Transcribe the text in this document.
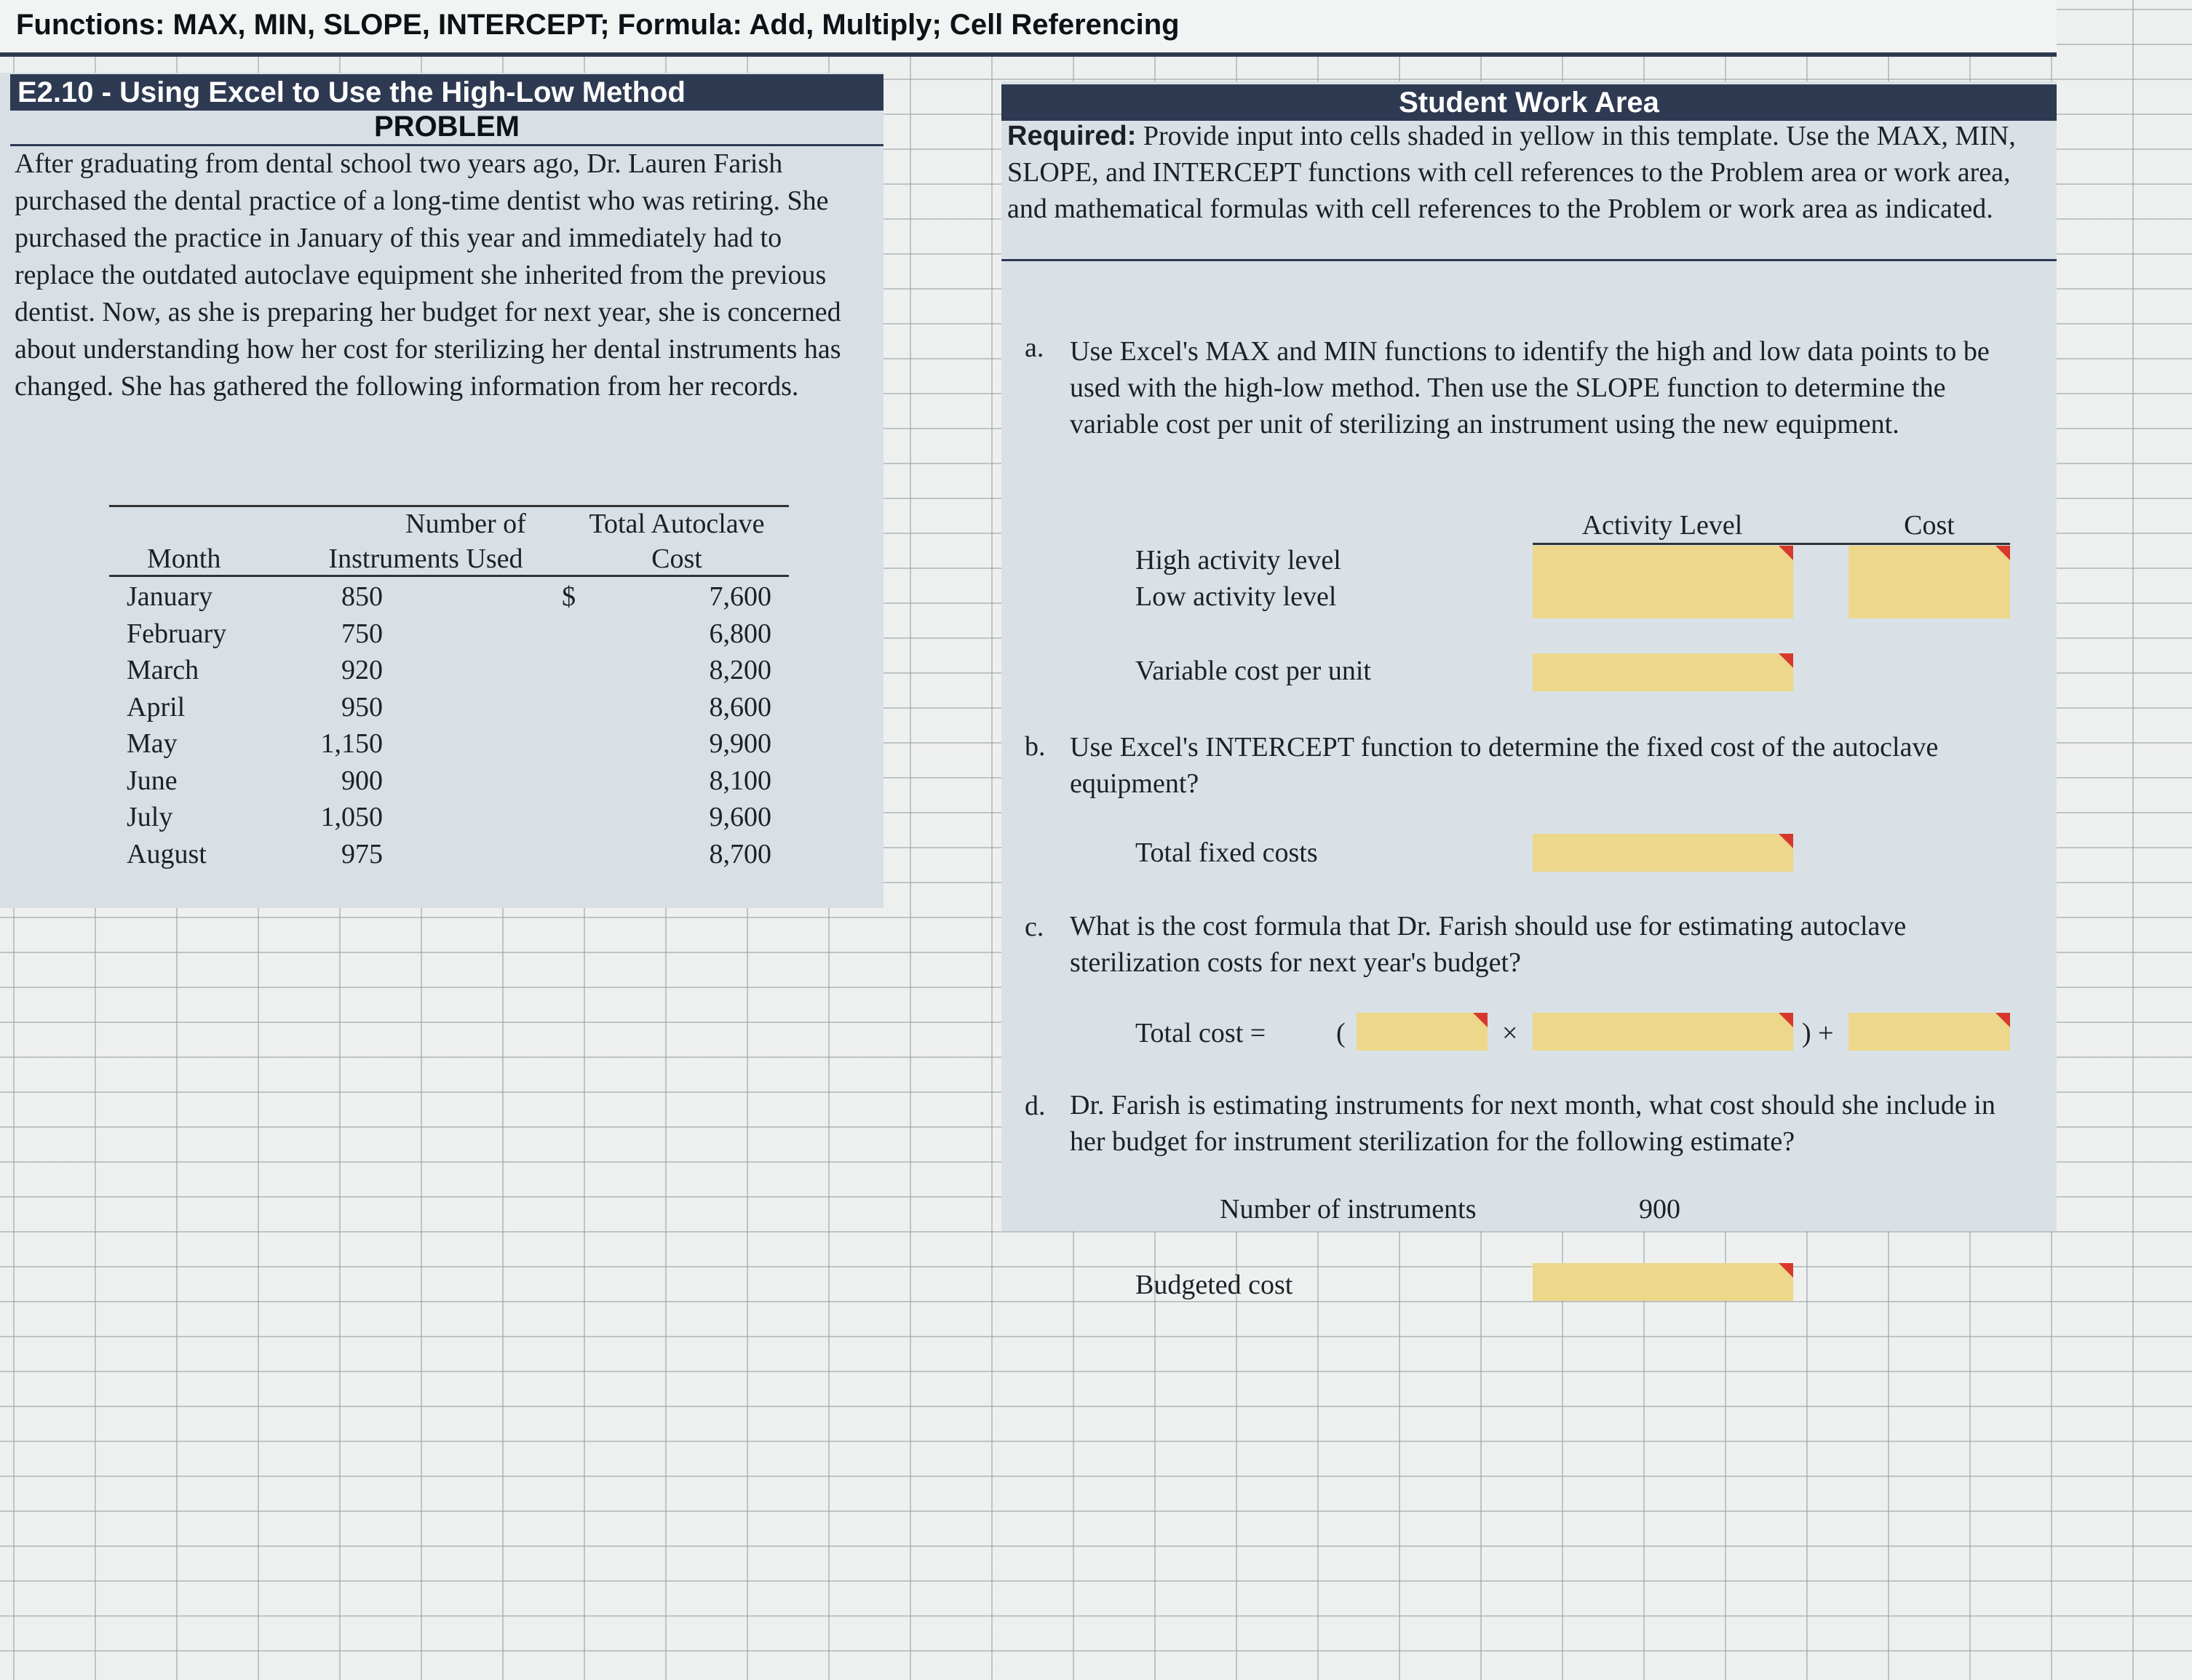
Functions: MAX, MIN, SLOPE, INTERCEPT; Formula: Add, Multiply; Cell Referencing
E2.10 - Using Excel to Use the High-Low Method
PROBLEM
After graduating from dental school two years ago, Dr. Lauren Farish
purchased the dental practice of a long-time dentist who was retiring. She
purchased the practice in January of this year and immediately had to
replace the outdated autoclave equipment she inherited from the previous
dentist. Now, as she is preparing her budget for next year, she is concerned
about understanding how her cost for sterilizing her dental instruments has
changed. She has gathered the following information from her records.
Number of	Total Autoclave
Month	Instruments Used	Cost
January	850	$	7,600
February	750	6,800
March	920	8,200
April	950	8,600
May	1,150	9,900
June	900	8,100
July	1,050	9,600
August	975	8,700
Student Work Area
Required: Provide input into cells shaded in yellow in this template. Use the MAX, MIN,
SLOPE, and INTERCEPT functions with cell references to the Problem area or work area,
and mathematical formulas with cell references to the Problem or work area as indicated.
a. Use Excel's MAX and MIN functions to identify the high and low data points to be
used with the high-low method. Then use the SLOPE function to determine the
variable cost per unit of sterilizing an instrument using the new equipment.
Activity Level	Cost
High activity level
Low activity level
Variable cost per unit
b. Use Excel's INTERCEPT function to determine the fixed cost of the autoclave
equipment?
Total fixed costs
c. What is the cost formula that Dr. Farish should use for estimating autoclave
sterilization costs for next year's budget?
Total cost =	(	×	) +
d. Dr. Farish is estimating instruments for next month, what cost should she include in
her budget for instrument sterilization for the following estimate?
Number of instruments	900
Budgeted cost
